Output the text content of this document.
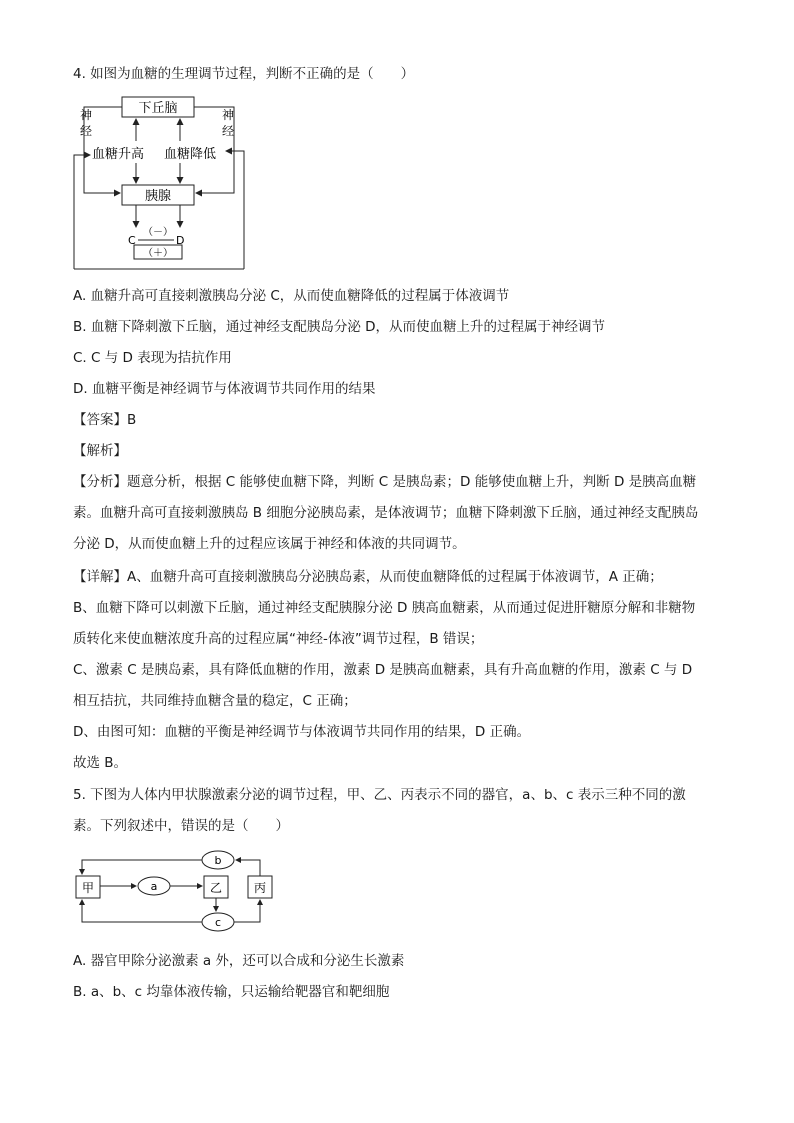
4. 如图为血糖的生理调节过程，判断不正确的是（　　）
下丘脑
胰腺
血糖升高 血糖降低
神
经
神
经
C	D
（－）
（＋）
A. 血糖升高可直接刺激胰岛分泌 C，从而使血糖降低的过程属于体液调节
B. 血糖下降刺激下丘脑，通过神经支配胰岛分泌 D，从而使血糖上升的过程属于神经调节
C. C 与 D 表现为拮抗作用
D. 血糖平衡是神经调节与体液调节共同作用的结果
【答案】B
【解析】
【分析】题意分析，根据 C 能够使血糖下降，判断 C 是胰岛素；D 能够使血糖上升，判断 D 是胰高血糖
素。血糖升高可直接刺激胰岛 B 细胞分泌胰岛素，是体液调节；血糖下降刺激下丘脑，通过神经支配胰岛
分泌 D，从而使血糖上升的过程应该属于神经和体液的共同调节。
【详解】A、血糖升高可直接刺激胰岛分泌胰岛素，从而使血糖降低的过程属于体液调节，A 正确；
B、血糖下降可以刺激下丘脑，通过神经支配胰腺分泌 D 胰高血糖素，从而通过促进肝糖原分解和非糖物
质转化来使血糖浓度升高的过程应属“神经-体液”调节过程，B 错误；
C、激素 C 是胰岛素，具有降低血糖的作用，激素 D 是胰高血糖素，具有升高血糖的作用，激素 C 与 D
相互拮抗，共同维持血糖含量的稳定，C 正确；
D、由图可知：血糖的平衡是神经调节与体液调节共同作用的结果，D 正确。
故选 B。
5. 下图为人体内甲状腺激素分泌的调节过程，甲、乙、丙表示不同的器官，a、b、c 表示三种不同的激
素。下列叙述中，错误的是（　　）
甲	乙	丙
a
b
c
A. 器官甲除分泌激素 a 外，还可以合成和分泌生长激素
B. a、b、c 均靠体液传输，只运输给靶器官和靶细胞
